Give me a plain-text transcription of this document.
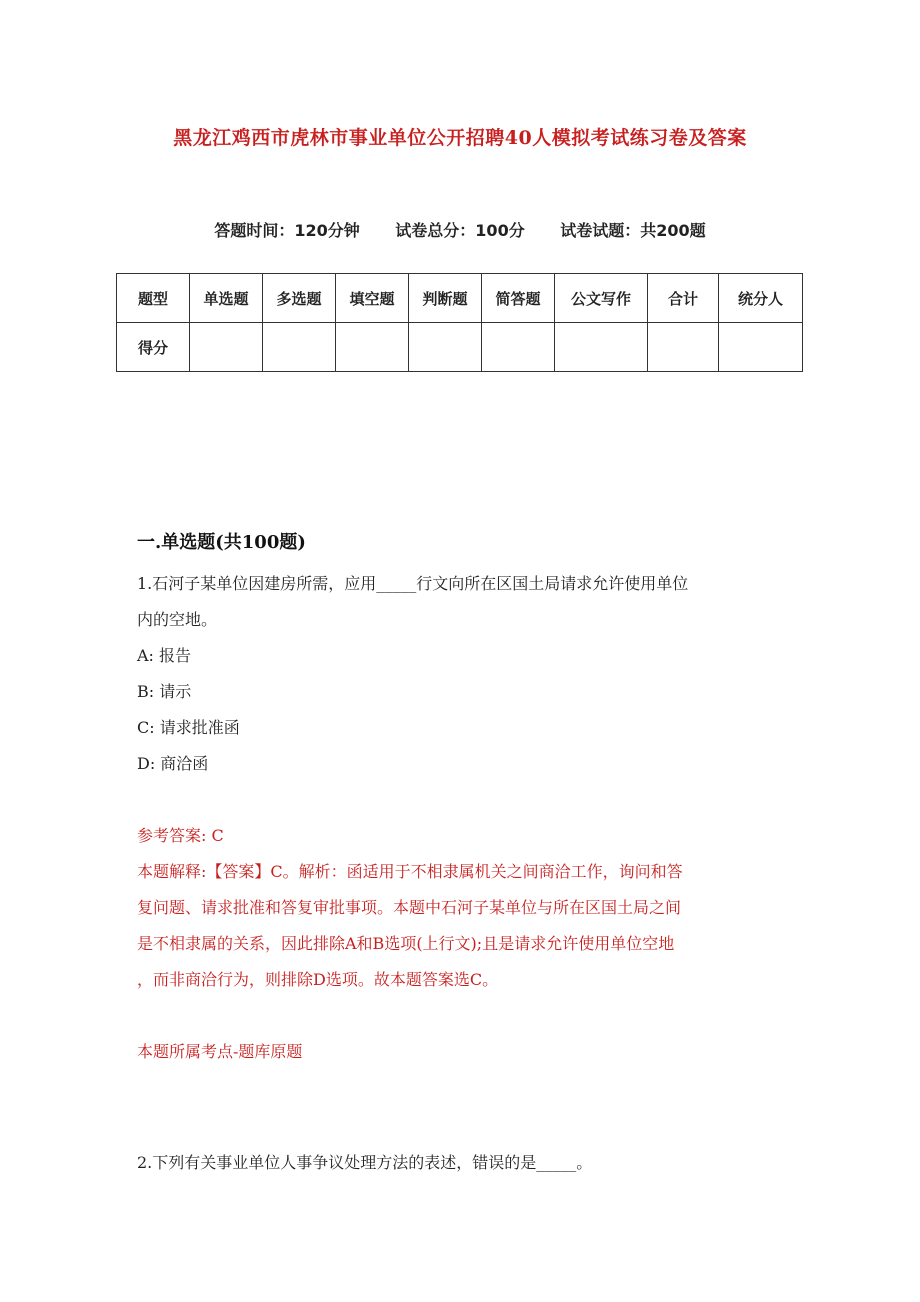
黑龙江鸡西市虎林市事业单位公开招聘40人模拟考试练习卷及答案
答题时间：120分钟 试卷总分：100分 试卷试题：共200题
题型	单选题	多选题	填空题	判断题	简答题	公文写作	合计	统分人
得分								
一.单选题(共100题)
1.石河子某单位因建房所需，应用_____行文向所在区国土局请求允许使用单位
内的空地。
A: 报告
B: 请示
C: 请求批准函
D: 商洽函
参考答案: C
本题解释:【答案】C。解析：函适用于不相隶属机关之间商洽工作，询问和答
复问题、请求批准和答复审批事项。本题中石河子某单位与所在区国土局之间
是不相隶属的关系，因此排除A和B选项(上行文);且是请求允许使用单位空地
，而非商洽行为，则排除D选项。故本题答案选C。
本题所属考点-题库原题
2.下列有关事业单位人事争议处理方法的表述，错误的是_____。
